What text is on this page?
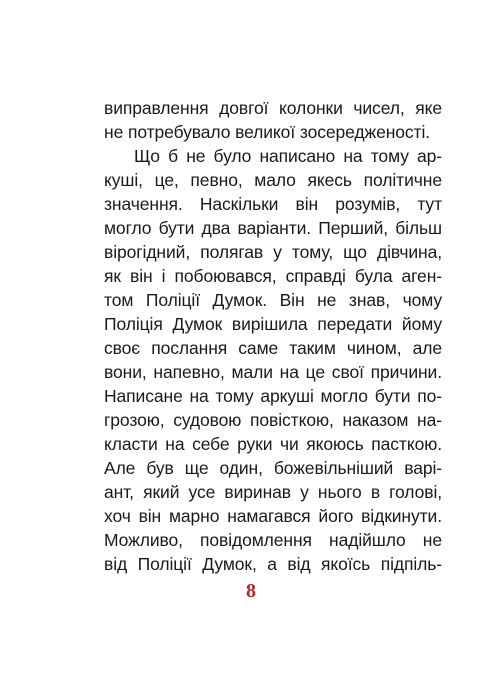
виправлення довгої колонки чисел, яке
не потребувало великої зосередженості.
Що б не було написано на тому ар-
куші, це, певно, мало якесь політичне
значення. Наскільки він розумів, тут
могло бути два варіанти. Перший, більш
вірогідний, полягав у тому, що дівчина,
як він і побоювався, справді була аген-
том Поліції Думок. Він не знав, чому
Поліція Думок вирішила передати йому
своє послання саме таким чином, але
вони, напевно, мали на це свої причини.
Написане на тому аркуші могло бути по-
грозою, судовою повісткою, наказом на-
класти на себе руки чи якоюсь пасткою.
Але був ще один, божевільніший варі-
ант, який усе виринав у нього в голові,
хоч він марно намагався його відкинути.
Можливо, повідомлення надійшло не
від Поліції Думок, а від якоїсь підпіль-
8
